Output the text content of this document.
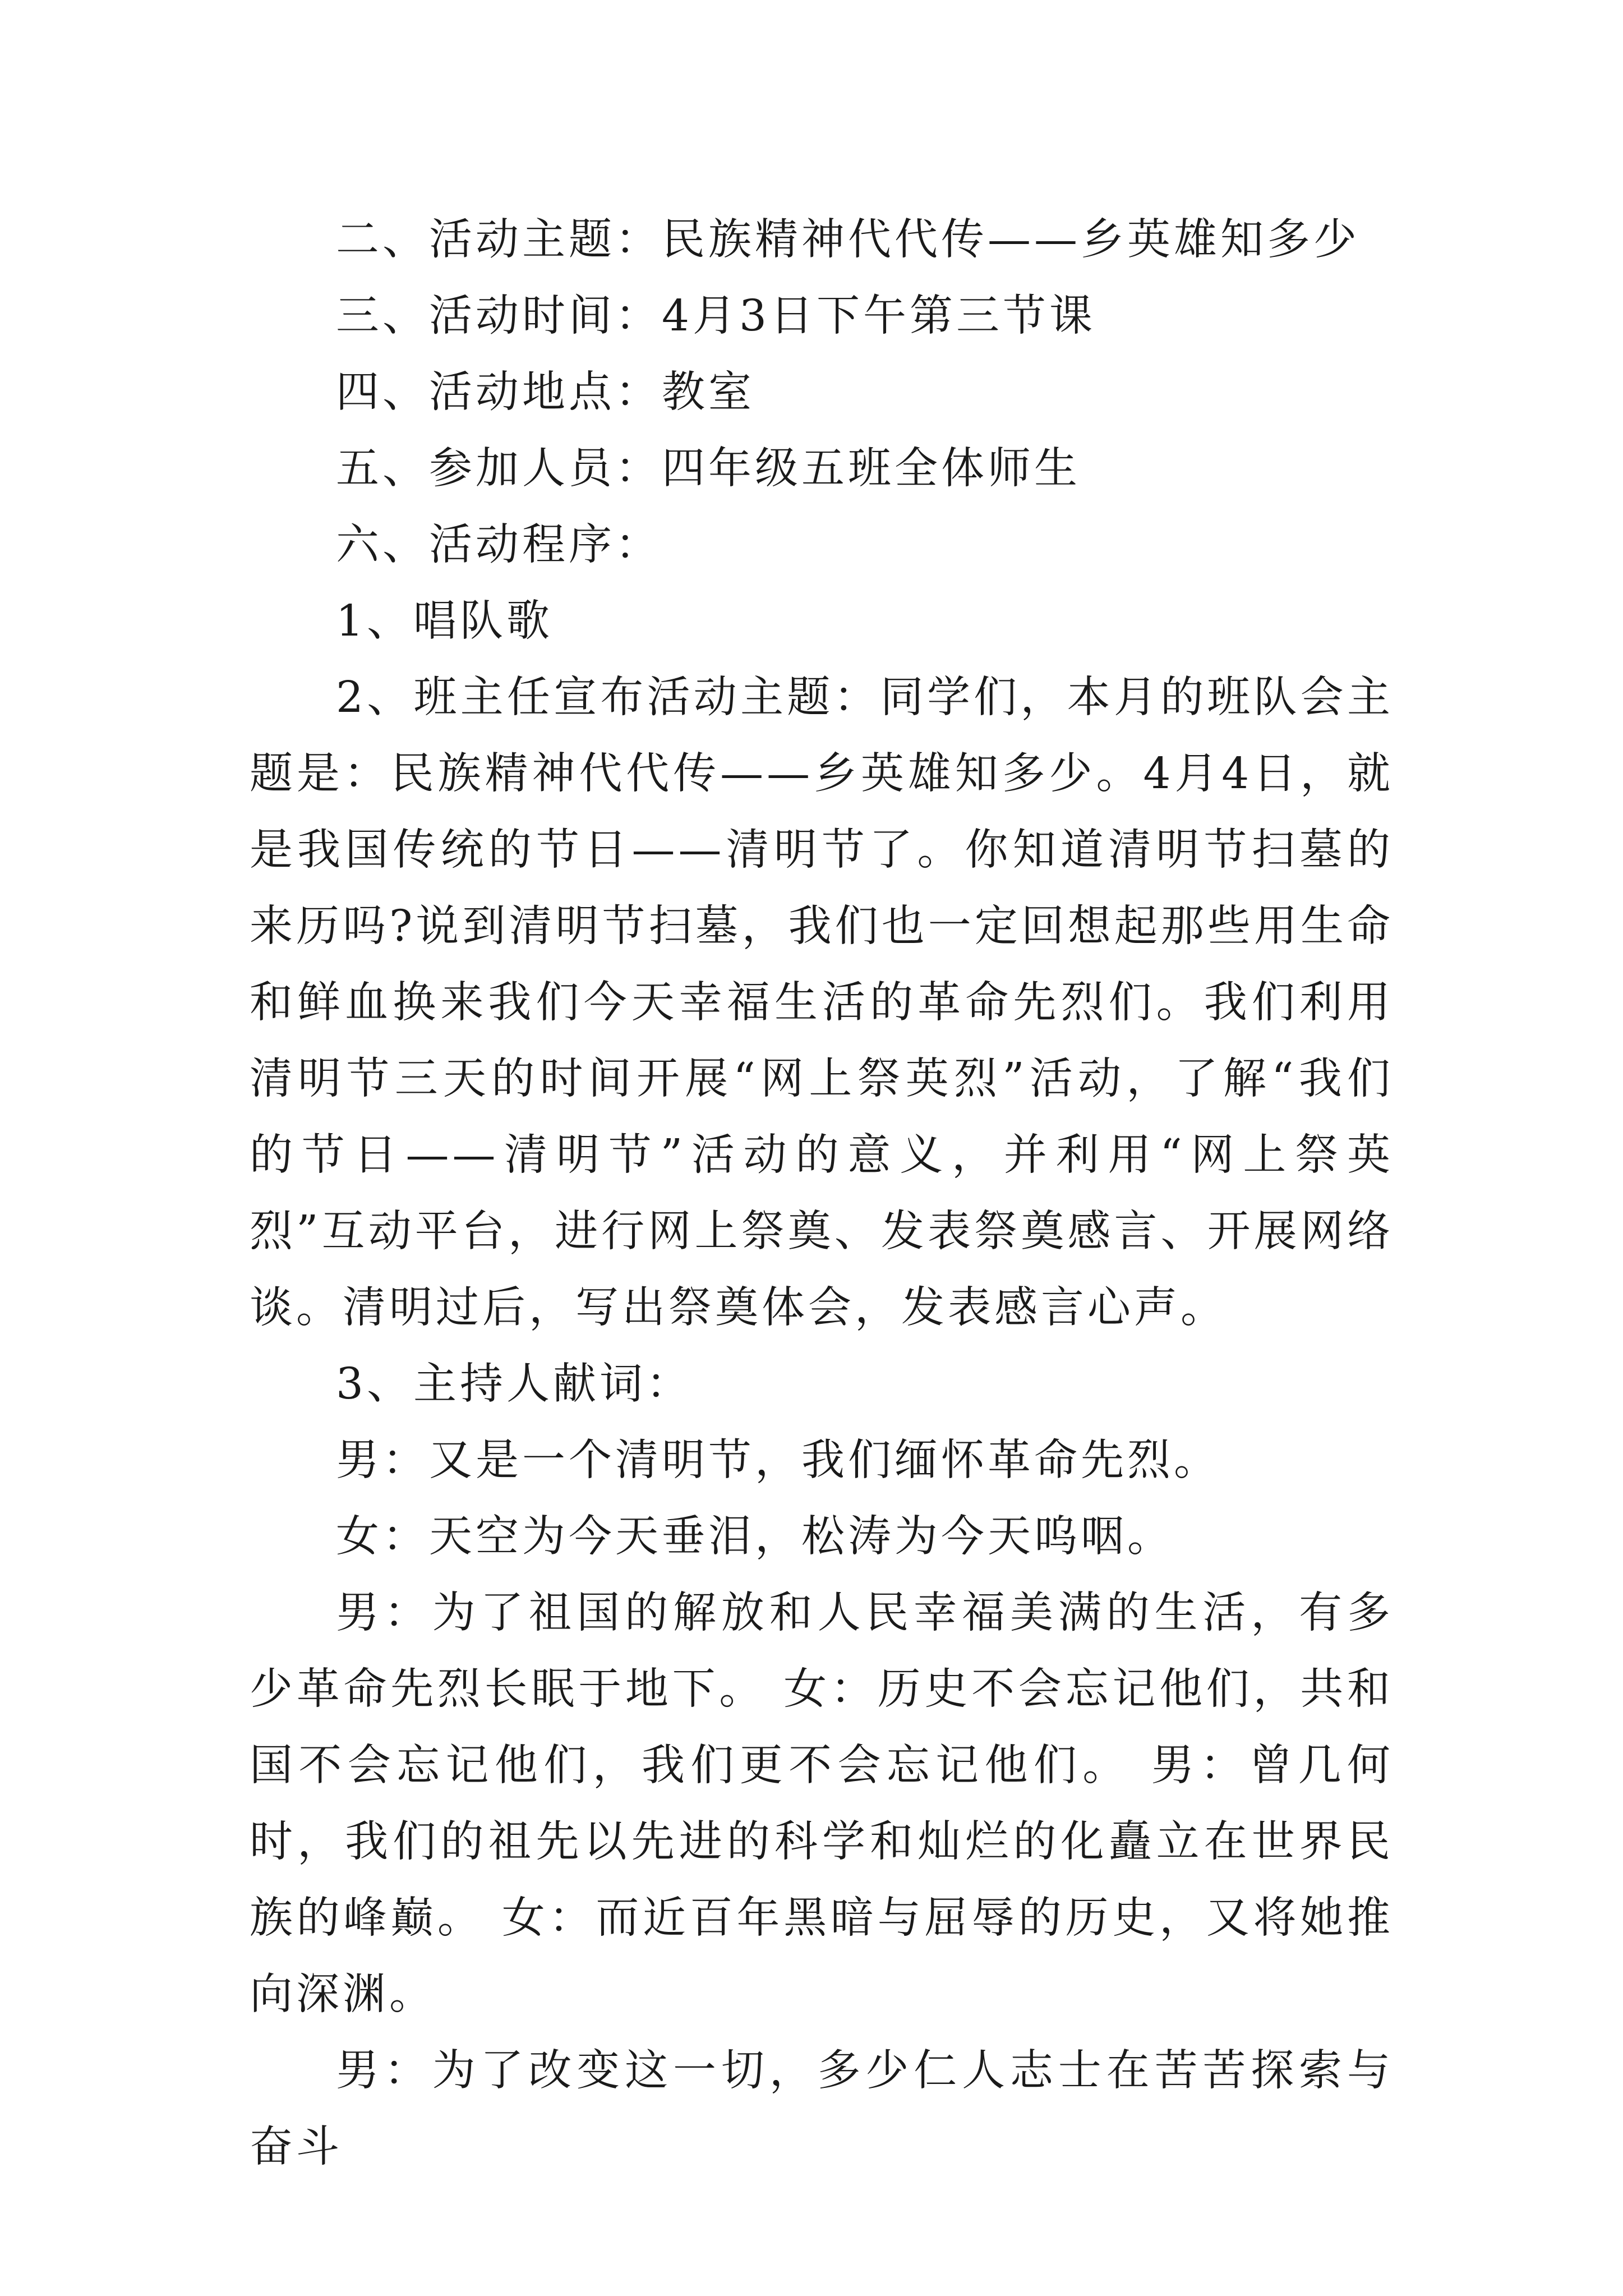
二、活动主题：民族精神代代传——乡英雄知多少

三、活动时间：4月3日下午第三节课

四、活动地点：教室

五、参加人员：四年级五班全体师生

六、活动程序：

1、唱队歌

2、班主任宣布活动主题：同学们，本月的班队会主题是：民族精神代代传——乡英雄知多少。4月4日，就是我国传统的节日——清明节了。你知道清明节扫墓的来历吗?说到清明节扫墓，我们也一定回想起那些用生命和鲜血换来我们今天幸福生活的革命先烈们。我们利用清明节三天的时间开展“网上祭英烈”活动，了解“我们的节日——清明节”活动的意义，并利用“网上祭英烈”互动平台，进行网上祭奠、发表祭奠感言、开展网络谈。清明过后，写出祭奠体会，发表感言心声。

3、主持人献词：

男：又是一个清明节，我们缅怀革命先烈。

女：天空为今天垂泪，松涛为今天呜咽。

男：为了祖国的解放和人民幸福美满的生活，有多少革命先烈长眠于地下。 女：历史不会忘记他们，共和国不会忘记他们，我们更不会忘记他们。 男：曾几何时，我们的祖先以先进的科学和灿烂的化矗立在世界民族的峰巅。 女：而近百年黑暗与屈辱的历史，又将她推向深渊。

男：为了改变这一切，多少仁人志士在苦苦探索与奋斗
